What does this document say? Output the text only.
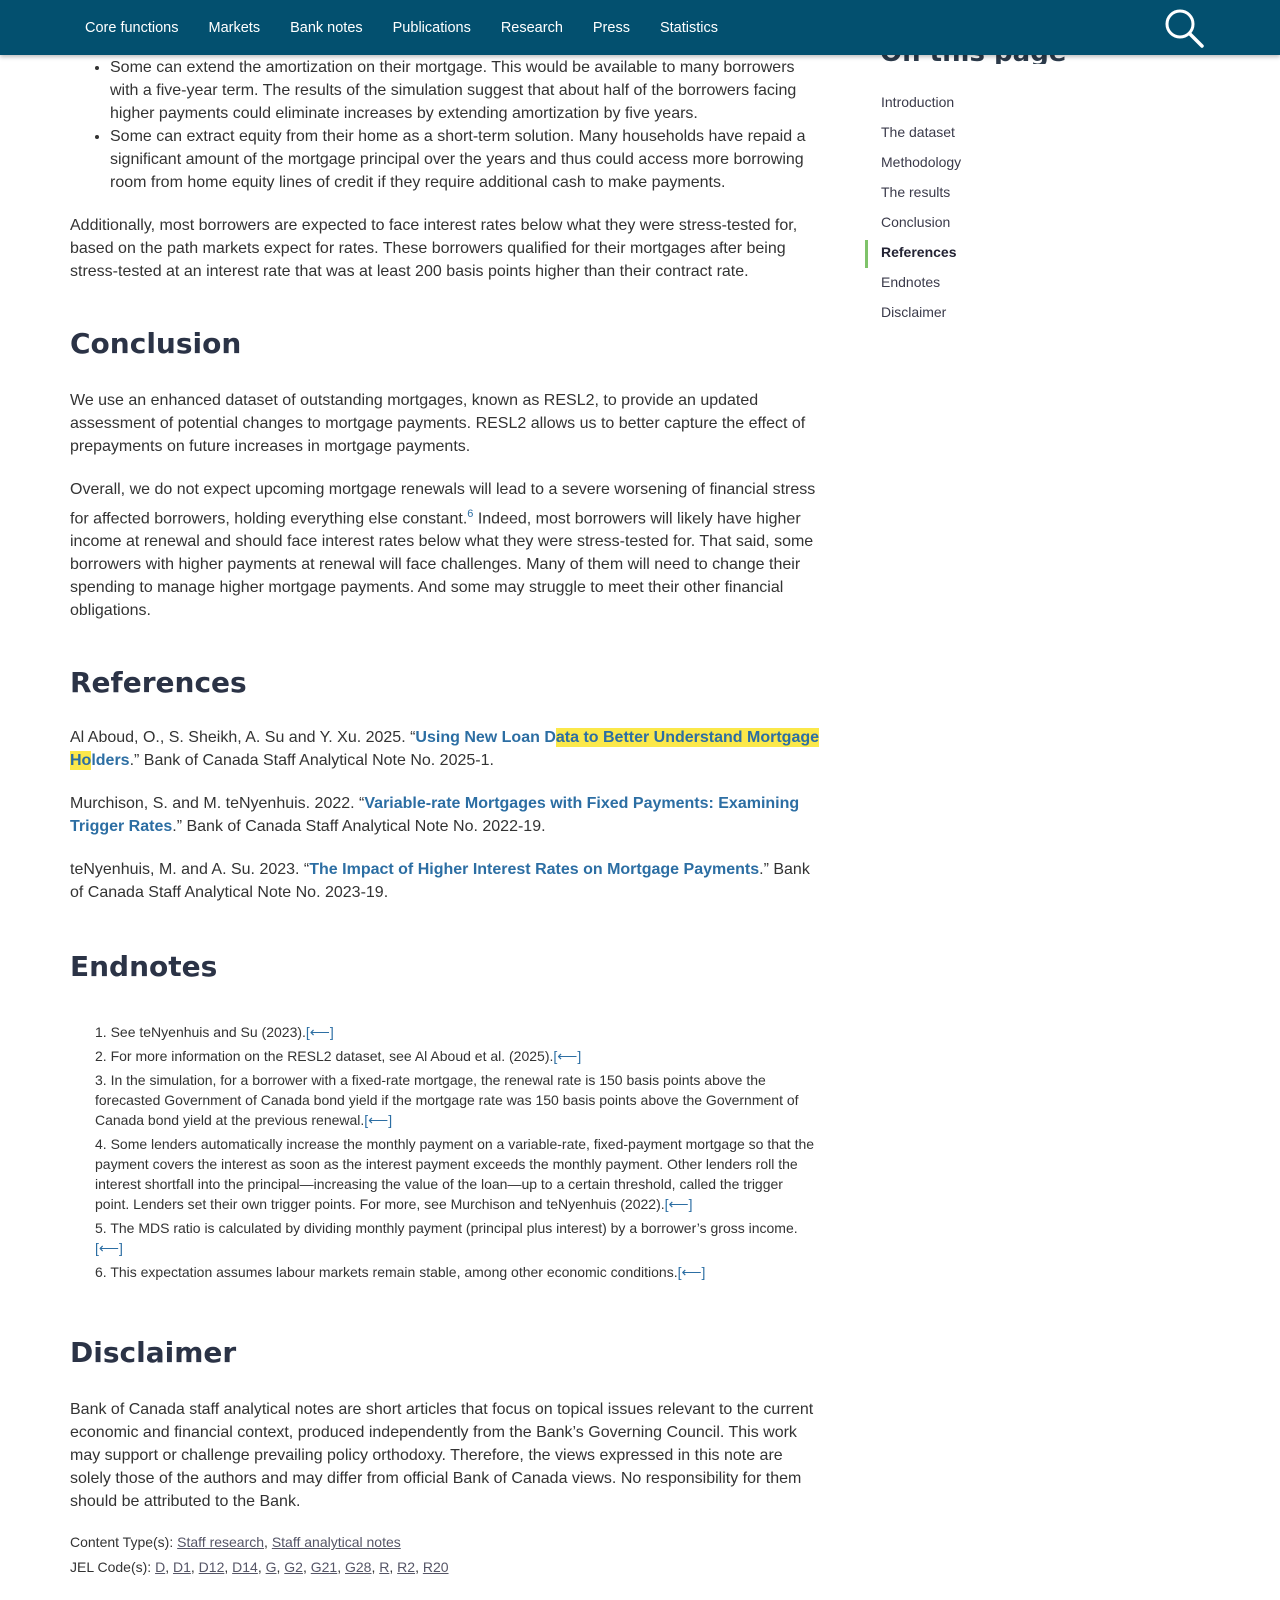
Core functions Markets Bank notes Publications Research Press Statistics
Introduction
The dataset
Methodology
The results
Conclusion
References
Endnotes
Disclaimer
• Some can extend the amortization on their mortgage. This would be available to many borrowers with a five-year term. The results of the simulation suggest that about half of the borrowers facing higher payments could eliminate increases by extending amortization by five years.
• Some can extract equity from their home as a short-term solution. Many households have repaid a significant amount of the mortgage principal over the years and thus could access more borrowing room from home equity lines of credit if they require additional cash to make payments.

Additionally, most borrowers are expected to face interest rates below what they were stress-tested for, based on the path markets expect for rates. These borrowers qualified for their mortgages after being stress-tested at an interest rate that was at least 200 basis points higher than their contract rate.

Conclusion

We use an enhanced dataset of outstanding mortgages, known as RESL2, to provide an updated assessment of potential changes to mortgage payments. RESL2 allows us to better capture the effect of prepayments on future increases in mortgage payments.

Overall, we do not expect upcoming mortgage renewals will lead to a severe worsening of financial stress for affected borrowers, holding everything else constant.$^6$ Indeed, most borrowers will likely have higher income at renewal and should face interest rates below what they were stress-tested for. That said, some borrowers with higher payments at renewal will face challenges. Many of them will need to change their spending to manage higher mortgage payments. And some may struggle to meet their other financial obligations.

References

Al Aboud, O., S. Sheikh, A. Su and Y. Xu. 2025. “Using New Loan Data to Better Understand Mortgage Holders.” Bank of Canada Staff Analytical Note No. 2025-1.

Murchison, S. and M. teNyenhuis. 2022. “Variable-rate Mortgages with Fixed Payments: Examining Trigger Rates.” Bank of Canada Staff Analytical Note No. 2022-19.

teNyenhuis, M. and A. Su. 2023. “The Impact of Higher Interest Rates on Mortgage Payments.” Bank of Canada Staff Analytical Note No. 2023-19.

Endnotes
1. See teNyenhuis and Su (2023).[⟵]
2. For more information on the RESL2 dataset, see Al Aboud et al. (2025).[⟵]
3. In the simulation, for a borrower with a fixed-rate mortgage, the renewal rate is 150 basis points above the forecasted Government of Canada bond yield if the mortgage rate was 150 basis points above the Government of Canada bond yield at the previous renewal.[⟵]
4. Some lenders automatically increase the monthly payment on a variable-rate, fixed-payment mortgage so that the payment covers the interest as soon as the interest payment exceeds the monthly payment. Other lenders roll the interest shortfall into the principal—increasing the value of the loan—up to a certain threshold, called the trigger point. Lenders set their own trigger points. For more, see Murchison and teNyenhuis (2022).[⟵]
5. The MDS ratio is calculated by dividing monthly payment (principal plus interest) by a borrower’s gross income.[⟵]
6. This expectation assumes labour markets remain stable, among other economic conditions.[⟵]
Disclaimer

Bank of Canada staff analytical notes are short articles that focus on topical issues relevant to the current economic and financial context, produced independently from the Bank’s Governing Council. This work may support or challenge prevailing policy orthodoxy. Therefore, the views expressed in this note are solely those of the authors and may differ from official Bank of Canada views. No responsibility for them should be attributed to the Bank.

Content Type(s): Staff research, Staff analytical notes
JEL Code(s): D, D1, D12, D14, G, G2, G21, G28, R, R2, R20
